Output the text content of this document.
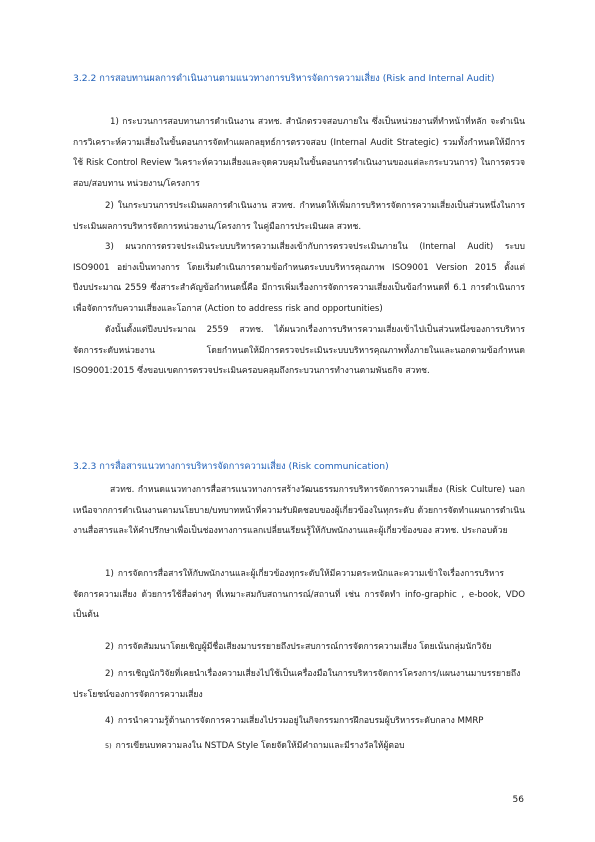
3.2.2 การสอบทานผลการดำเนินงานตามแนวทางการบริหารจัดการความเสี่ยง (Risk and Internal Audit)

1) กระบวนการสอบทานการดำเนินงาน สวทช. สำนักตรวจสอบภายใน ซึ่งเป็นหน่วยงานที่ทำหน้าที่หลัก จะดำเนินการวิเคราะห์ความเสี่ยงในขั้นตอนการจัดทำแผลกลยุทธ์การตรวจสอบ (Internal Audit Strategic) รวมทั้งกำหนดให้มีการใช้ Risk Control Review วิเคราะห์ความเสี่ยงและจุดควบคุมในขั้นตอนการดำเนินงานของแต่ละกระบวนการ) ในการตรวจสอบ/สอบทาน หน่วยงาน/โครงการ

2) ในกระบวนการประเมินผลการดำเนินงาน สวทช. กำหนดให้เพิ่มการบริหารจัดการความเสี่ยงเป็นส่วนหนึ่งในการประเมินผลการบริหารจัดการหน่วยงาน/โครงการ ในคู่มือการประเมินผล สวทช.

3) ผนวกการตรวจประเมินระบบบริหารความเสี่ยงเข้ากับการตรวจประเมินภายใน (Internal Audit) ระบบ ISO9001 อย่างเป็นทางการ โดยเริ่มดำเนินการตามข้อกำหนดระบบบริหารคุณภาพ ISO9001 Version 2015 ตั้งแต่ปีงบประมาณ 2559 ซึ่งสาระสำคัญข้อกำหนดนี้คือ มีการเพิ่มเรื่องการจัดการความเสี่ยงเป็นข้อกำหนดที่ 6.1 การดำเนินการเพื่อจัดการกับความเสี่ยงและโอกาส (Action to address risk and opportunities)

ดังนั้นตั้งแต่ปีงบประมาณ 2559 สวทช. ได้ผนวกเรื่องการบริหารความเสี่ยงเข้าไปเป็นส่วนหนึ่งของการบริหารจัดการระดับหน่วยงาน โดยกำหนดให้มีการตรวจประเมินระบบบริหารคุณภาพทั้งภายในและนอกตามข้อกำหนด ISO9001:2015 ซึ่งขอบเขตการตรวจประเมินครอบคลุมถึงกระบวนการทำงานตามพันธกิจ สวทช.

3.2.3 การสื่อสารแนวทางการบริหารจัดการความเสี่ยง (Risk communication)

สวทช. กำหนดแนวทางการสื่อสารแนวทางการสร้างวัฒนธรรมการบริหารจัดการความเสี่ยง (Risk Culture) นอกเหนือจากการดำเนินงานตามนโยบาย/บทบาทหน้าที่ความรับผิดชอบของผู้เกี่ยวข้องในทุกระดับ ด้วยการจัดทำแผนการดำเนินงานสื่อสารและให้คำปรึกษาเพื่อเป็นช่องทางการแลกเปลี่ยนเรียนรู้ให้กับพนักงานและผู้เกี่ยวข้องของ สวทช. ประกอบด้วย

1) การจัดการสื่อสารให้กับพนักงานและผู้เกี่ยวข้องทุกระดับให้มีความตระหนักและความเข้าใจเรื่องการบริหารจัดการความเสี่ยง ด้วยการใช้สื่อต่างๆ ที่เหมาะสมกับสถานการณ์/สถานที่ เช่น การจัดทำ info-graphic , e-book, VDO เป็นต้น
2) การจัดสัมมนาโดยเชิญผู้มีชื่อเสียงมาบรรยายถึงประสบการณ์การจัดการความเสี่ยง โดยเน้นกลุ่มนักวิจัย
2) การเชิญนักวิจัยที่เคยนำเรื่องความเสี่ยงไปใช้เป็นเครื่องมือในการบริหารจัดการโครงการ/แผนงานมาบรรยายถึงประโยชน์ของการจัดการความเสี่ยง
4) การนำความรู้ด้านการจัดการความเสี่ยงไปรวมอยู่ในกิจกรรมการฝึกอบรมผู้บริหารระดับกลาง MMRP
5) การเขียนบทความลงใน NSTDA Style โดยจัดให้มีคำถามและมีรางวัลให้ผู้ตอบ
56
